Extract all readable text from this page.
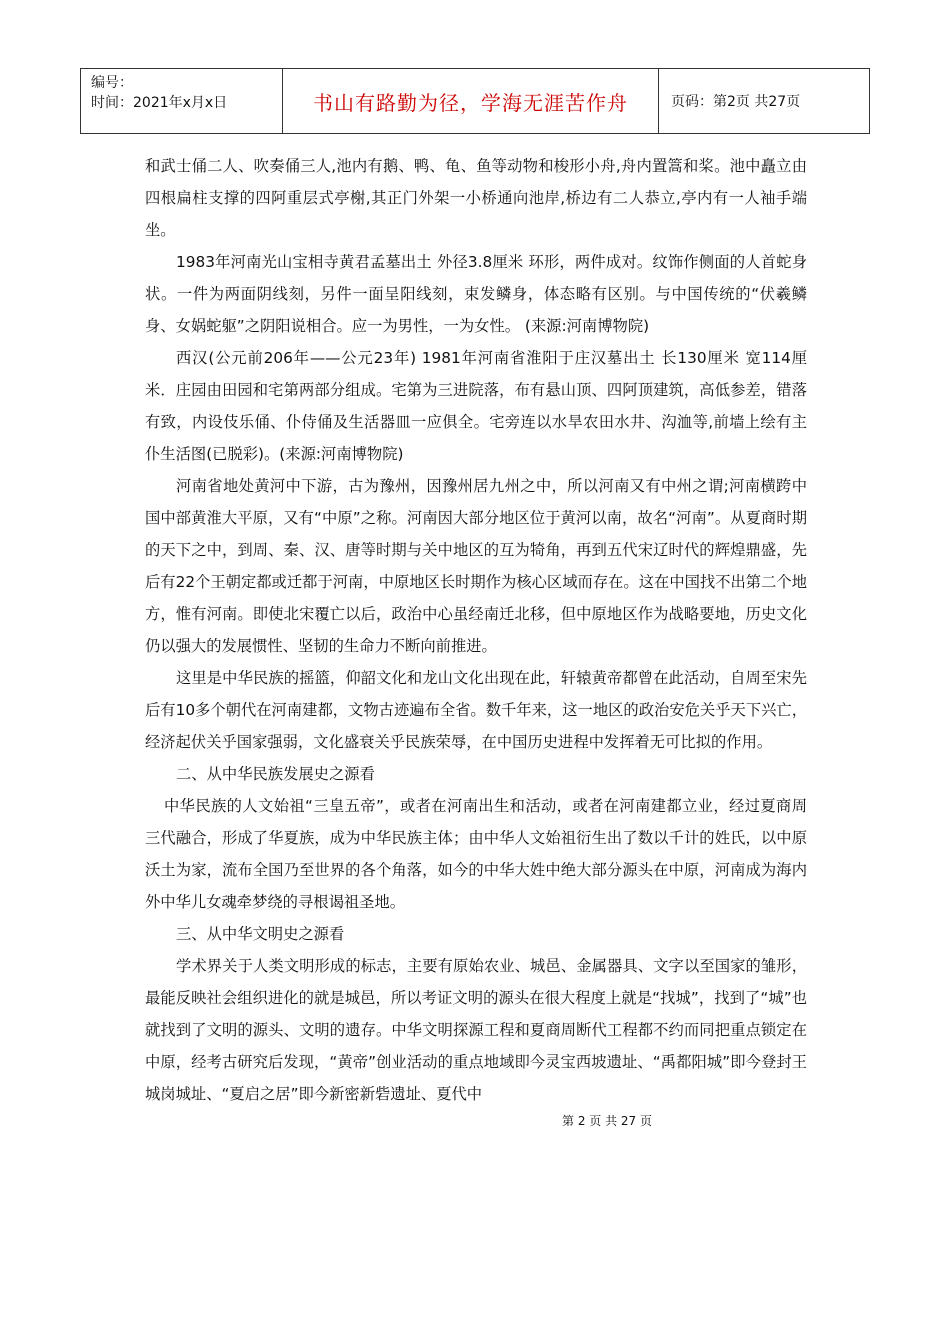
编号：
时间：2021年x月x日	书山有路勤为径，学海无涯苦作舟	页码：第2页 共27页

和武士俑二人、吹奏俑三人,池内有鹅、鸭、龟、鱼等动物和梭形小舟,舟内置篙和桨。池中矗立由四根扁柱支撑的四阿重层式亭榭,其正门外架一小桥通向池岸,桥边有二人恭立,亭内有一人袖手端坐。

1983年河南光山宝相寺黄君孟墓出土 外径3.8厘米 环形，两件成对。纹饰作侧面的人首蛇身状。一件为两面阴线刻，另件一面呈阳线刻，束发鳞身，体态略有区别。与中国传统的“伏羲鳞身、女娲蛇躯”之阴阳说相合。应一为男性，一为女性。 (来源:河南博物院)

西汉(公元前206年——公元23年) 1981年河南省淮阳于庄汉墓出土 长130厘米 宽114厘米．庄园由田园和宅第两部分组成。宅第为三进院落，布有悬山顶、四阿顶建筑，高低参差，错落有致，内设伎乐俑、仆侍俑及生活器皿一应俱全。宅旁连以水旱农田水井、沟洫等,前墙上绘有主仆生活图(已脱彩)。(来源:河南博物院)

河南省地处黄河中下游，古为豫州，因豫州居九州之中，所以河南又有中州之谓;河南横跨中国中部黄淮大平原，又有“中原”之称。河南因大部分地区位于黄河以南，故名“河南”。从夏商时期的天下之中，到周、秦、汉、唐等时期与关中地区的互为犄角，再到五代宋辽时代的辉煌鼎盛，先后有22个王朝定都或迁都于河南，中原地区长时期作为核心区域而存在。这在中国找不出第二个地方，惟有河南。即使北宋覆亡以后，政治中心虽经南迁北移，但中原地区作为战略要地，历史文化仍以强大的发展惯性、坚韧的生命力不断向前推进。

这里是中华民族的摇篮，仰韶文化和龙山文化出现在此，轩辕黄帝都曾在此活动，自周至宋先后有10多个朝代在河南建都，文物古迹遍布全省。数千年来，这一地区的政治安危关乎天下兴亡，经济起伏关乎国家强弱，文化盛衰关乎民族荣辱，在中国历史进程中发挥着无可比拟的作用。

二、从中华民族发展史之源看

中华民族的人文始祖“三皇五帝”，或者在河南出生和活动，或者在河南建都立业，经过夏商周三代融合，形成了华夏族，成为中华民族主体；由中华人文始祖衍生出了数以千计的姓氏，以中原沃土为家，流布全国乃至世界的各个角落，如今的中华大姓中绝大部分源头在中原，河南成为海内外中华儿女魂牵梦绕的寻根谒祖圣地。

三、从中华文明史之源看

学术界关于人类文明形成的标志，主要有原始农业、城邑、金属器具、文字以至国家的雏形，最能反映社会组织进化的就是城邑，所以考证文明的源头在很大程度上就是“找城”，找到了“城”也就找到了文明的源头、文明的遗存。中华文明探源工程和夏商周断代工程都不约而同把重点锁定在中原，经考古研究后发现，“黄帝”创业活动的重点地域即今灵宝西坡遗址、“禹都阳城”即今登封王城岗城址、“夏启之居”即今新密新砦遗址、夏代中

第 2 页 共 27 页
